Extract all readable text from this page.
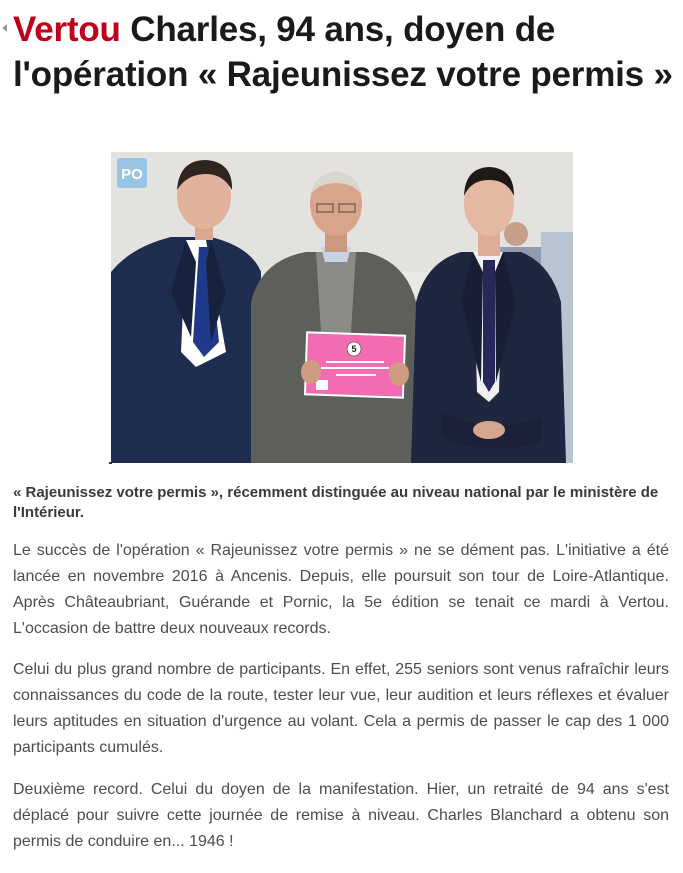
Vertou Charles, 94 ans, doyen de l'opération « Rajeunissez votre permis »
5
PO

« Rajeunissez votre permis », récemment distinguée au niveau national par le ministère de l'Intérieur.

Le succès de l'opération « Rajeunissez votre permis » ne se dément pas. L'initiative a été lancée en novembre 2016 à Ancenis. Depuis, elle poursuit son tour de Loire-Atlantique. Après Châteaubriant, Guérande et Pornic, la 5e édition se tenait ce mardi à Vertou. L'occasion de battre deux nouveaux records.

Celui du plus grand nombre de participants. En effet, 255 seniors sont venus rafraîchir leurs connaissances du code de la route, tester leur vue, leur audition et leurs réflexes et évaluer leurs aptitudes en situation d'urgence au volant. Cela a permis de passer le cap des 1 000 participants cumulés.

Deuxième record. Celui du doyen de la manifestation. Hier, un retraité de 94 ans s'est déplacé pour suivre cette journée de remise à niveau. Charles Blanchard a obtenu son permis de conduire en... 1946 !
